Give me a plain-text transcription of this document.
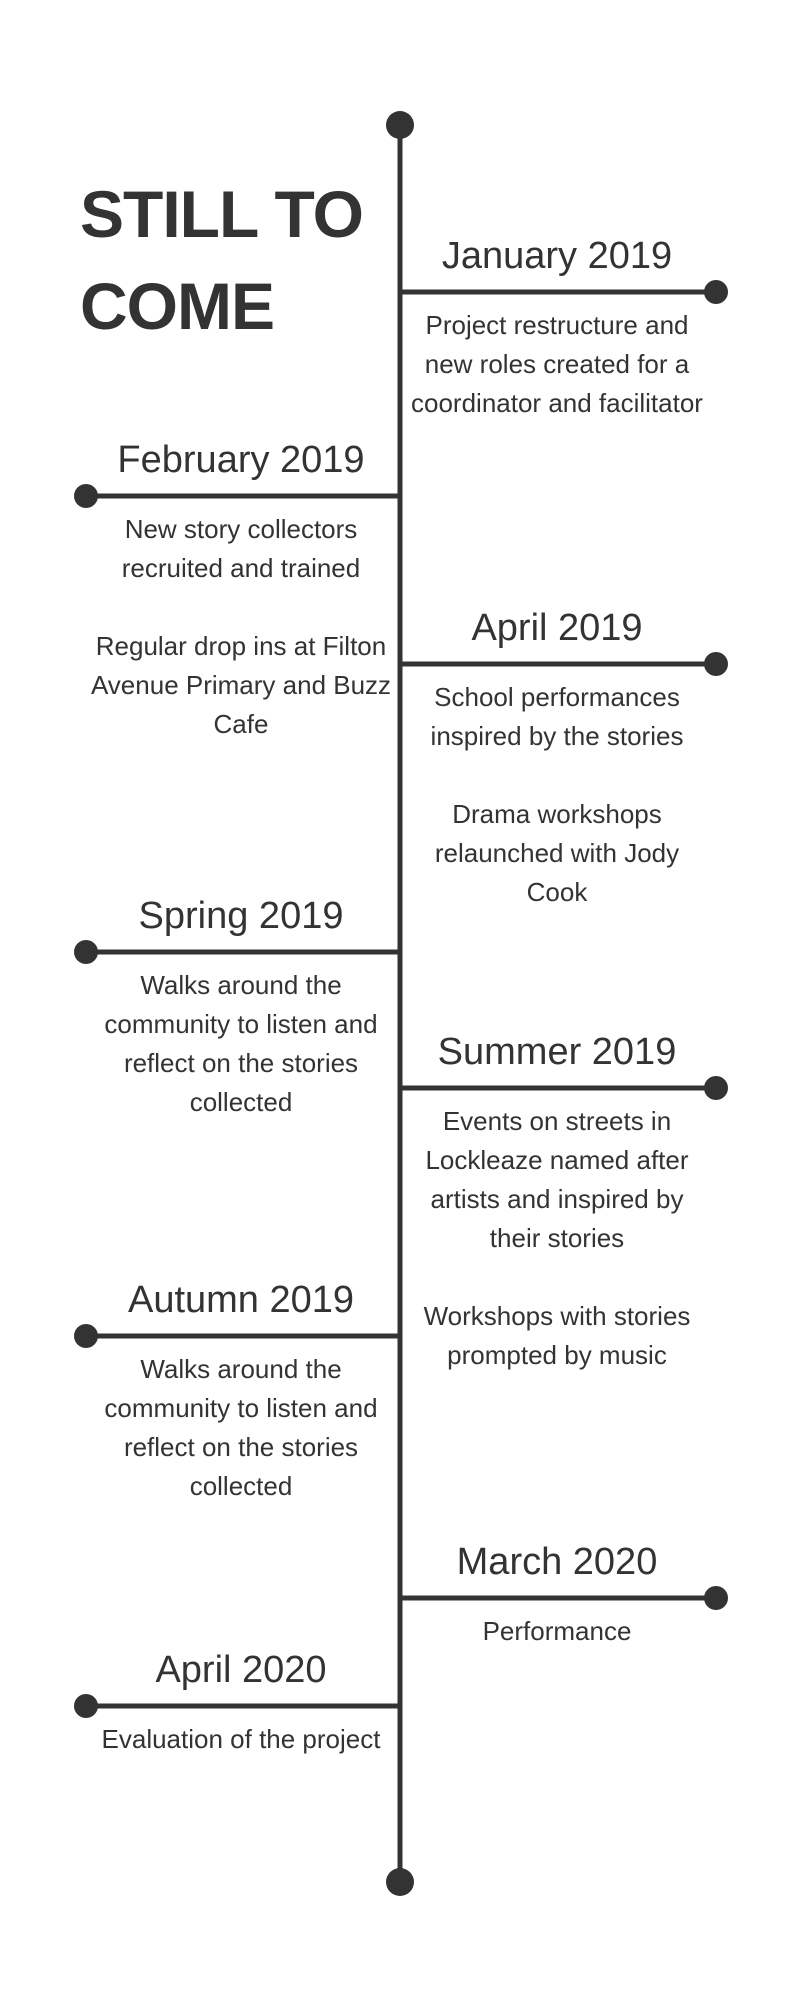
STILL TO
COME
January 2019

Project restructure and new roles created for a coordinator and facilitator

February 2019

New story collectors recruited and trained

Regular drop ins at Filton Avenue Primary and Buzz Cafe

April 2019

School performances inspired by the stories

Drama workshops relaunched with Jody Cook

Spring 2019

Walks around the community to listen and reflect on the stories collected

Summer 2019

Events on streets in Lockleaze named after artists and inspired by their stories

Workshops with stories prompted by music

Autumn 2019

Walks around the community to listen and reflect on the stories collected

March 2020

Performance

April 2020

Evaluation of the project
